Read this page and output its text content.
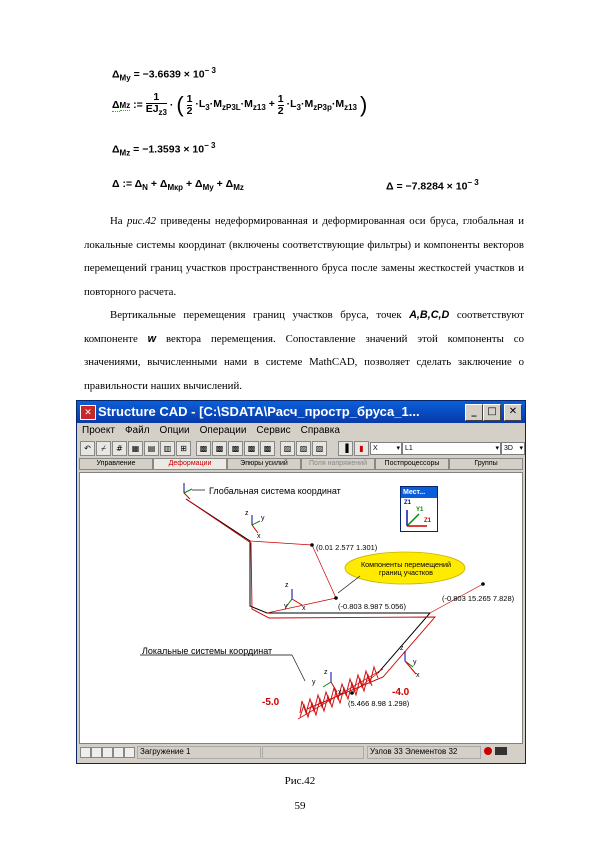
$\Delta_{My} = -3.6639 \times 10^{- 3}$
ΔMz := $\frac{1}{EJ_{z3}}$ · ( $\frac{1}{2} \cdot L_3\cdot M_{zP3L}\cdot M_{z13} + \frac{1}{2} \cdot L_3\cdot M_{zP3p}\cdot M_{z13}$ )
$\Delta_{Mz} = -1.3593 \times 10^{- 3}$
Δ := $\Delta_N + \Delta_{Мкр} + \Delta_{My} + \Delta_{Mz}$	$\Delta = -7.8284 \times 10^{- 3}$

На рис.42 приведены недеформированная и деформированная оси бруса, глобальная и локальные системы координат (включены соответствующие фильтры) и компоненты векторов перемещений границ участков пространственного бруса после замены жесткостей участков и повторного расчета.

Вертикальные перемещения границ участков бруса, точек A,B,C,D соответствуют компоненте w вектора перемещения. Сопоставление значений этой компоненты со значениями, вычисленными нами в системе MathCAD, позволяет сделать заключение о правильности наших вычислений.

✕ Structure CAD - [C:\SDATA\Расч_простр_бруса_1...	_	□	✕
Проект Файл Опции Операции Сервис Справка
↶	⌿	#	▦	▤	▥	⊞	▩	▩	▩	▩	▩	▨	▨	▨	▐	▮	X	▾ L1	▾ 3D ▾
Управление	Деформации	Эпюры усилий	Поля напряжений	Постпроцессоры	Группы
Глобальная система координат
Локальные системы координат
Компоненты перемещений границ участков
(0.01 2.577 1.301)
(-0.803 8.987 5.056)
(-0.803 15.265 7.828)
(5.466 8.98 1.298)
-5.0
-4.0
z
y
x
z
y x
z
y
x
z
y
x
Мест...
Z1
Y1
Z1
Загружение 1	Узлов 33 Элементов 32
Рис.42
59
